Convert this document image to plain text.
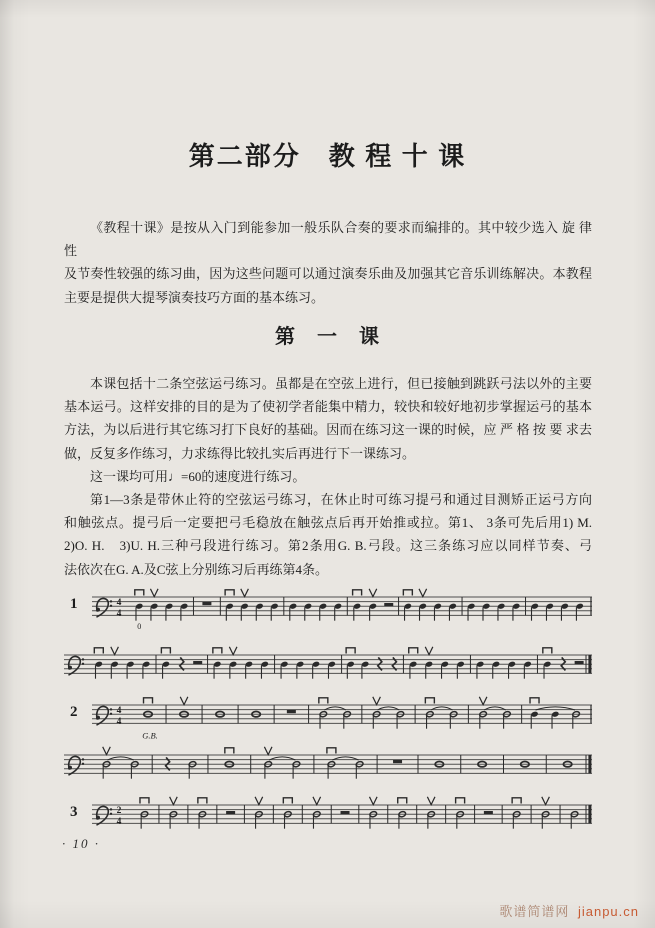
第二部分　教 程 十 课
《教程十课》是按从入门到能参加一般乐队合奏的要求而编排的。其中较少选入 旋 律 性
及节奏性较强的练习曲，因为这些问题可以通过演奏乐曲及加强其它音乐训练解决。本教程
主要是提供大提琴演奏技巧方面的基本练习。
第　一　课
本课包括十二条空弦运弓练习。虽都是在空弦上进行，但已接触到跳跃弓法以外的主要
基本运弓。这样安排的目的是为了使初学者能集中精力，较快和较好地初步掌握运弓的基本
方法，为以后进行其它练习打下良好的基础。因而在练习这一课的时候，应 严 格 按 要 求去
做，反复多作练习，力求练得比较扎实后再进行下一课练习。
这一课均可用♩=60的速度进行练习。
第1—3条是带休止符的空弦运弓练习，在休止时可练习提弓和通过目测矫正运弓方向
和触弦点。提弓后一定要把弓毛稳放在触弦点后再开始推或拉。第1、 3条可先后用1) M.
2)O. H.　3)U. H.三种弓段进行练习。第2条用G. B.弓段。这三条练习应以同样节奏、弓
法依次在G. A.及C弦上分别练习后再练第4条。
1	4
4
0
2	4
4
G.B.
3	2
4
· 10 ·
歌谱简谱网 jianpu.cn
